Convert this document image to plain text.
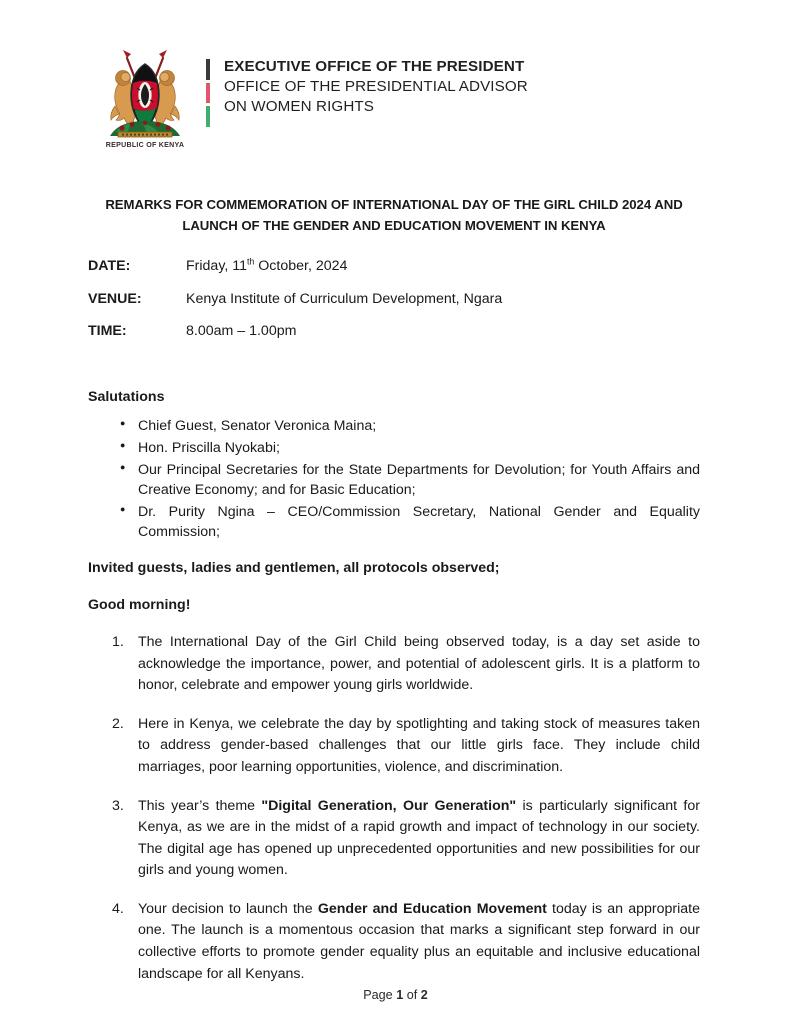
REPUBLIC OF KENYA
EXECUTIVE OFFICE OF THE PRESIDENT
OFFICE OF THE PRESIDENTIAL ADVISOR
ON WOMEN RIGHTS
REMARKS FOR COMMEMORATION OF INTERNATIONAL DAY OF THE GIRL CHILD 2024 AND LAUNCH OF THE GENDER AND EDUCATION MOVEMENT IN KENYA
DATE:	Friday, 11th October, 2024
VENUE:	Kenya Institute of Curriculum Development, Ngara
TIME:	8.00am – 1.00pm
Salutations
● Chief Guest, Senator Veronica Maina;
● Hon. Priscilla Nyokabi;
● Our Principal Secretaries for the State Departments for Devolution; for Youth Affairs and Creative Economy; and for Basic Education;
● Dr. Purity Ngina – CEO/Commission Secretary, National Gender and Equality Commission;
Invited guests, ladies and gentlemen, all protocols observed;
Good morning!
The International Day of the Girl Child being observed today, is a day set aside to acknowledge the importance, power, and potential of adolescent girls. It is a platform to honor, celebrate and empower young girls worldwide.
Here in Kenya, we celebrate the day by spotlighting and taking stock of measures taken to address gender-based challenges that our little girls face. They include child marriages, poor learning opportunities, violence, and discrimination.
This year’s theme "Digital Generation, Our Generation" is particularly significant for Kenya, as we are in the midst of a rapid growth and impact of technology in our society. The digital age has opened up unprecedented opportunities and new possibilities for our girls and young women.
Your decision to launch the Gender and Education Movement today is an appropriate one. The launch is a momentous occasion that marks a significant step forward in our collective efforts to promote gender equality plus an equitable and inclusive educational landscape for all Kenyans.
Page 1 of 2
